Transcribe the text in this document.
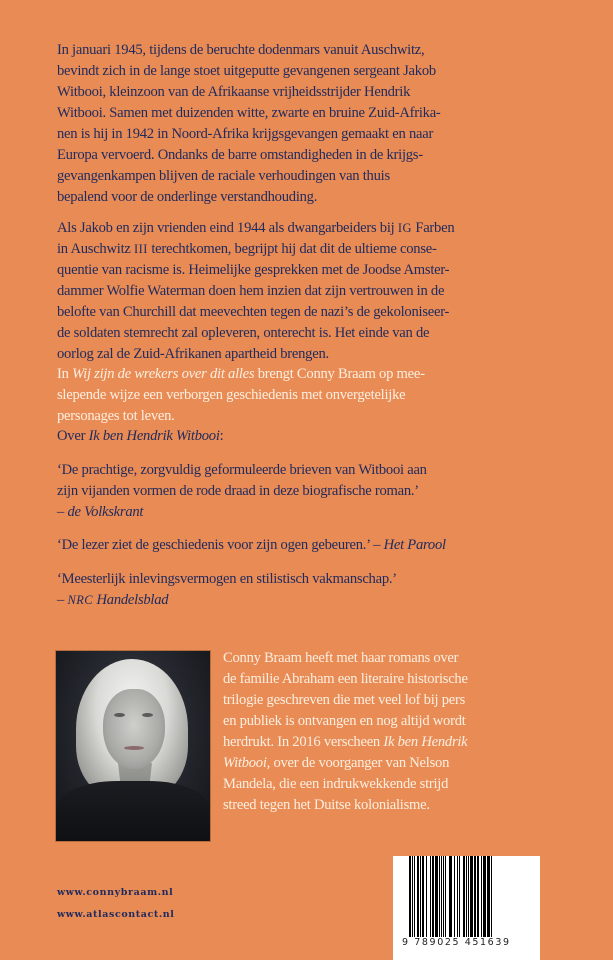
In januari 1945, tijdens de beruchte dodenmars vanuit Auschwitz,
bevindt zich in de lange stoet uitgeputte gevangenen sergeant Jakob
Witbooi, kleinzoon van de Afrikaanse vrijheidsstrijder Hendrik
Witbooi. Samen met duizenden witte, zwarte en bruine Zuid-Afrika-
nen is hij in 1942 in Noord-Afrika krijgsgevangen gemaakt en naar
Europa vervoerd. Ondanks de barre omstandigheden in de krijgs-
gevangenkampen blijven de raciale verhoudingen van thuis
bepalend voor de onderlinge verstandhouding.
Als Jakob en zijn vrienden eind 1944 als dwangarbeiders bij IG Farben
in Auschwitz III terechtkomen, begrijpt hij dat dit de ultieme conse-
quentie van racisme is. Heimelijke gesprekken met de Joodse Amster-
dammer Wolfie Waterman doen hem inzien dat zijn vertrouwen in de
belofte van Churchill dat meevechten tegen de nazi’s de gekoloniseer-
de soldaten stemrecht zal opleveren, onterecht is. Het einde van de
oorlog zal de Zuid-Afrikanen apartheid brengen.
In Wij zijn de wrekers over dit alles brengt Conny Braam op mee-
slepende wijze een verborgen geschiedenis met onvergetelijke
personages tot leven.
Over Ik ben Hendrik Witbooi:
‘De prachtige, zorgvuldig geformuleerde brieven van Witbooi aan
zijn vijanden vormen de rode draad in deze biografische roman.’
– de Volkskrant
‘De lezer ziet de geschiedenis voor zijn ogen gebeuren.’ – Het Parool
‘Meesterlijk inlevingsvermogen en stilistisch vakmanschap.’
– NRC Handelsblad
Conny Braam heeft met haar romans over
de familie Abraham een literaire historische
trilogie geschreven die met veel lof bij pers
en publiek is ontvangen en nog altijd wordt
herdrukt. In 2016 verscheen Ik ben Hendrik
Witbooi, over de voorganger van Nelson
Mandela, die een indrukwekkende strijd
streed tegen het Duitse kolonialisme.
www.connybraam.nl
www.atlascontact.nl
9 789025 451639
